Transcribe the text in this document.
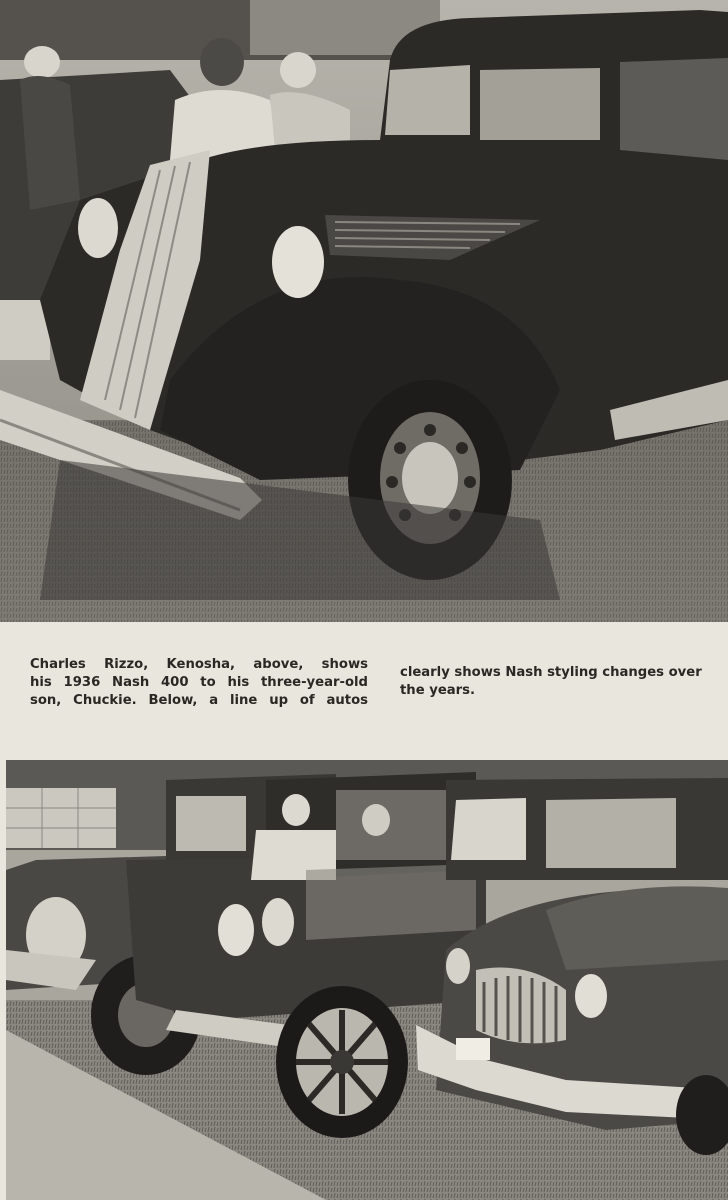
Charles Rizzo, Kenosha, above, shows
his 1936 Nash 400 to his three-year-old
son, Chuckie. Below, a line up of autos
clearly shows Nash styling changes over
the years.
